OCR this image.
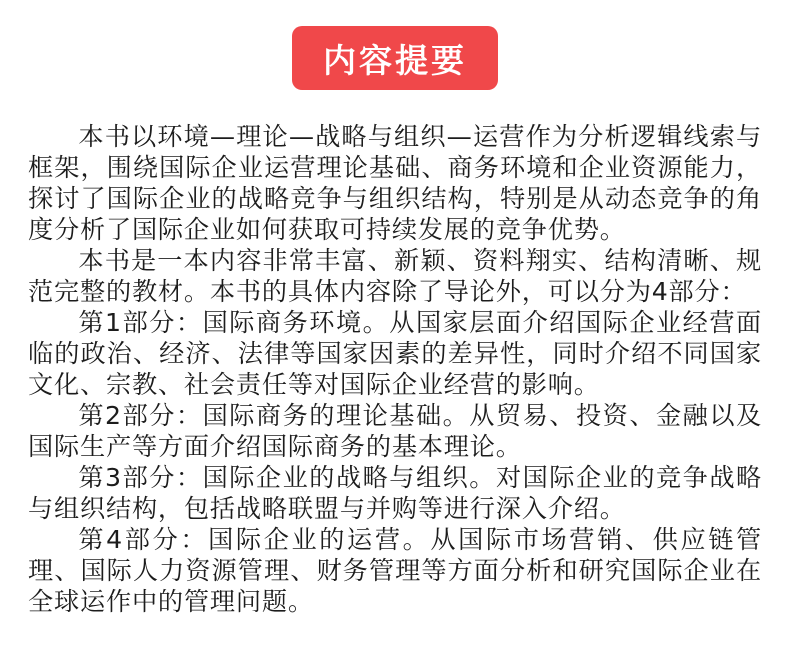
内容提要

本书以环境—理论—战略与组织—运营作为分析逻辑线索与框架，围绕国际企业运营理论基础、商务环境和企业资源能力，探讨了国际企业的战略竞争与组织结构，特别是从动态竞争的角度分析了国际企业如何获取可持续发展的竞争优势。

本书是一本内容非常丰富、新颖、资料翔实、结构清晰、规范完整的教材。本书的具体内容除了导论外，可以分为4部分：

第1部分：国际商务环境。从国家层面介绍国际企业经营面临的政治、经济、法律等国家因素的差异性，同时介绍不同国家文化、宗教、社会责任等对国际企业经营的影响。

第2部分：国际商务的理论基础。从贸易、投资、金融以及国际生产等方面介绍国际商务的基本理论。

第3部分：国际企业的战略与组织。对国际企业的竞争战略与组织结构，包括战略联盟与并购等进行深入介绍。

第4部分：国际企业的运营。从国际市场营销、供应链管理、国际人力资源管理、财务管理等方面分析和研究国际企业在全球运作中的管理问题。
